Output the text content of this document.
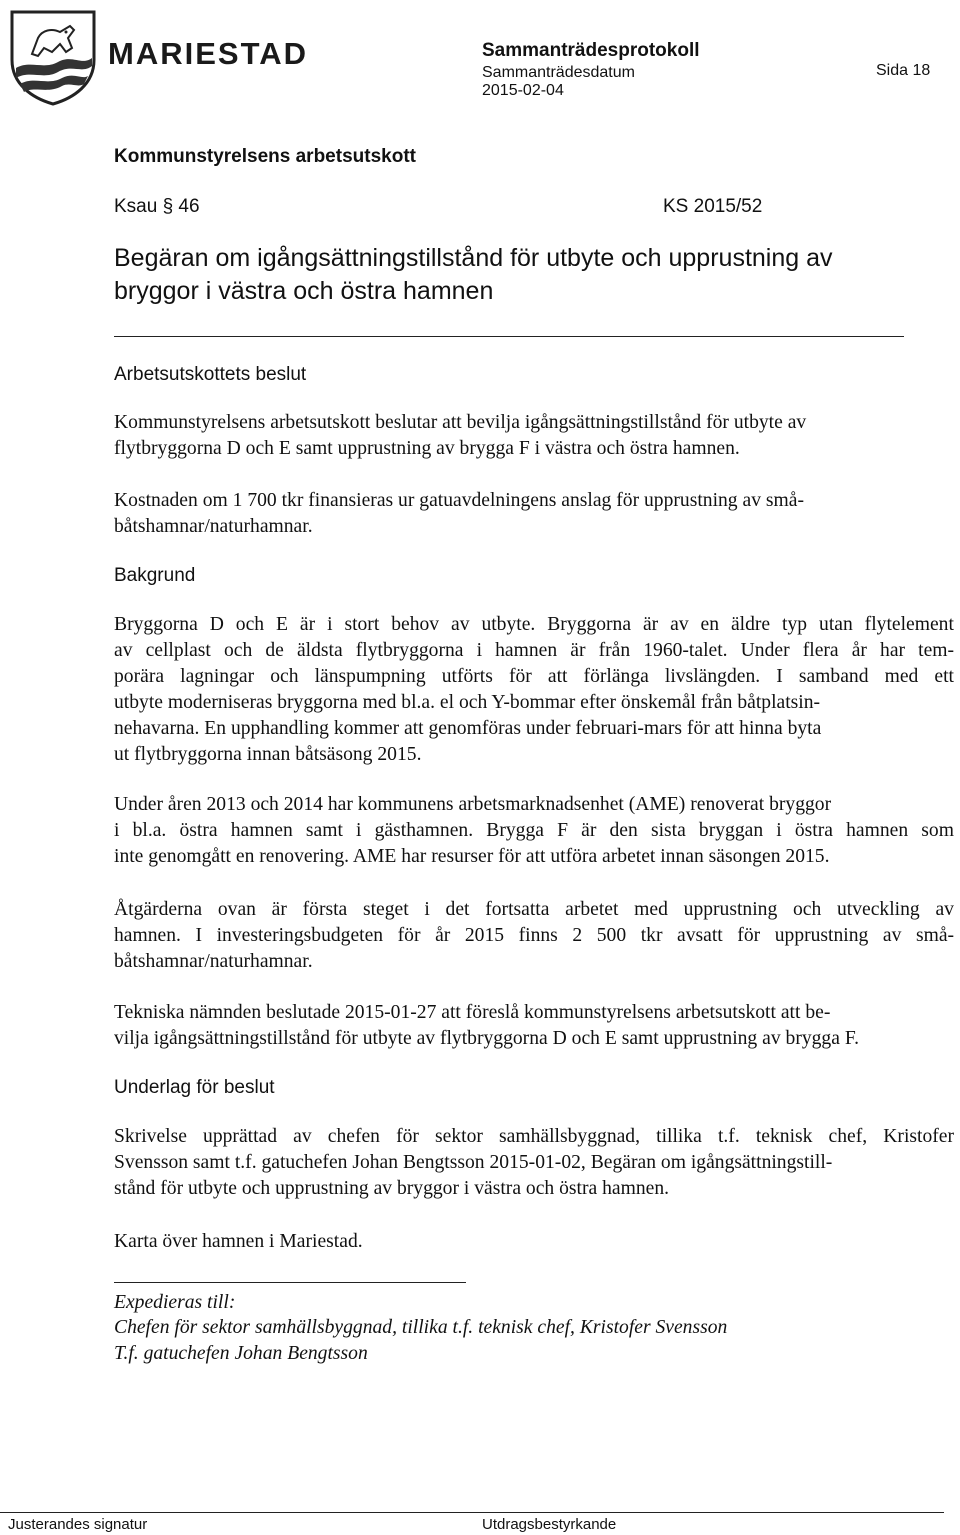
MARIESTAD	Sammanträdesprotokoll
Sammanträdesdatum	Sida 18
2015-02-04
Kommunstyrelsens arbetsutskott
Ksau § 46	KS 2015/52
Begäran om igångsättningstillstånd för utbyte och upprustning av bryggor i västra och östra hamnen
Arbetsutskottets beslut
Kommunstyrelsens arbetsutskott beslutar att bevilja igångsättningstillstånd för utbyte av
flytbryggorna D och E samt upprustning av brygga F i västra och östra hamnen.
Kostnaden om 1 700 tkr finansieras ur gatuavdelningens anslag för upprustning av små-
båtshamnar/naturhamnar.
Bakgrund
Bryggorna D och E är i stort behov av utbyte. Bryggorna är av en äldre typ utan flytelement
av cellplast och de äldsta flytbryggorna i hamnen är från 1960-talet. Under flera år har tem-
porära lagningar och länspumpning utförts för att förlänga livslängden. I samband med ett
utbyte moderniseras bryggorna med bl.a. el och Y-bommar efter önskemål från båtplatsin-
nehavarna. En upphandling kommer att genomföras under februari-mars för att hinna byta
ut flytbryggorna innan båtsäsong 2015.
Under åren 2013 och 2014 har kommunens arbetsmarknadsenhet (AME) renoverat bryggor
i bl.a. östra hamnen samt i gästhamnen. Brygga F är den sista bryggan i östra hamnen som
inte genomgått en renovering. AME har resurser för att utföra arbetet innan säsongen 2015.
Åtgärderna ovan är första steget i det fortsatta arbetet med upprustning och utveckling av
hamnen. I investeringsbudgeten för år 2015 finns 2 500 tkr avsatt för upprustning av små-
båtshamnar/naturhamnar.
Tekniska nämnden beslutade 2015-01-27 att föreslå kommunstyrelsens arbetsutskott att be-
vilja igångsättningstillstånd för utbyte av flytbryggorna D och E samt upprustning av brygga F.
Underlag för beslut
Skrivelse upprättad av chefen för sektor samhällsbyggnad, tillika t.f. teknisk chef, Kristofer
Svensson samt t.f. gatuchefen Johan Bengtsson 2015-01-02, Begäran om igångsättningstill-
stånd för utbyte och upprustning av bryggor i västra och östra hamnen.
Karta över hamnen i Mariestad.
Expedieras till:
Chefen för sektor samhällsbyggnad, tillika t.f. teknisk chef, Kristofer Svensson
T.f. gatuchefen Johan Bengtsson
Justerandes signatur	Utdragsbestyrkande
